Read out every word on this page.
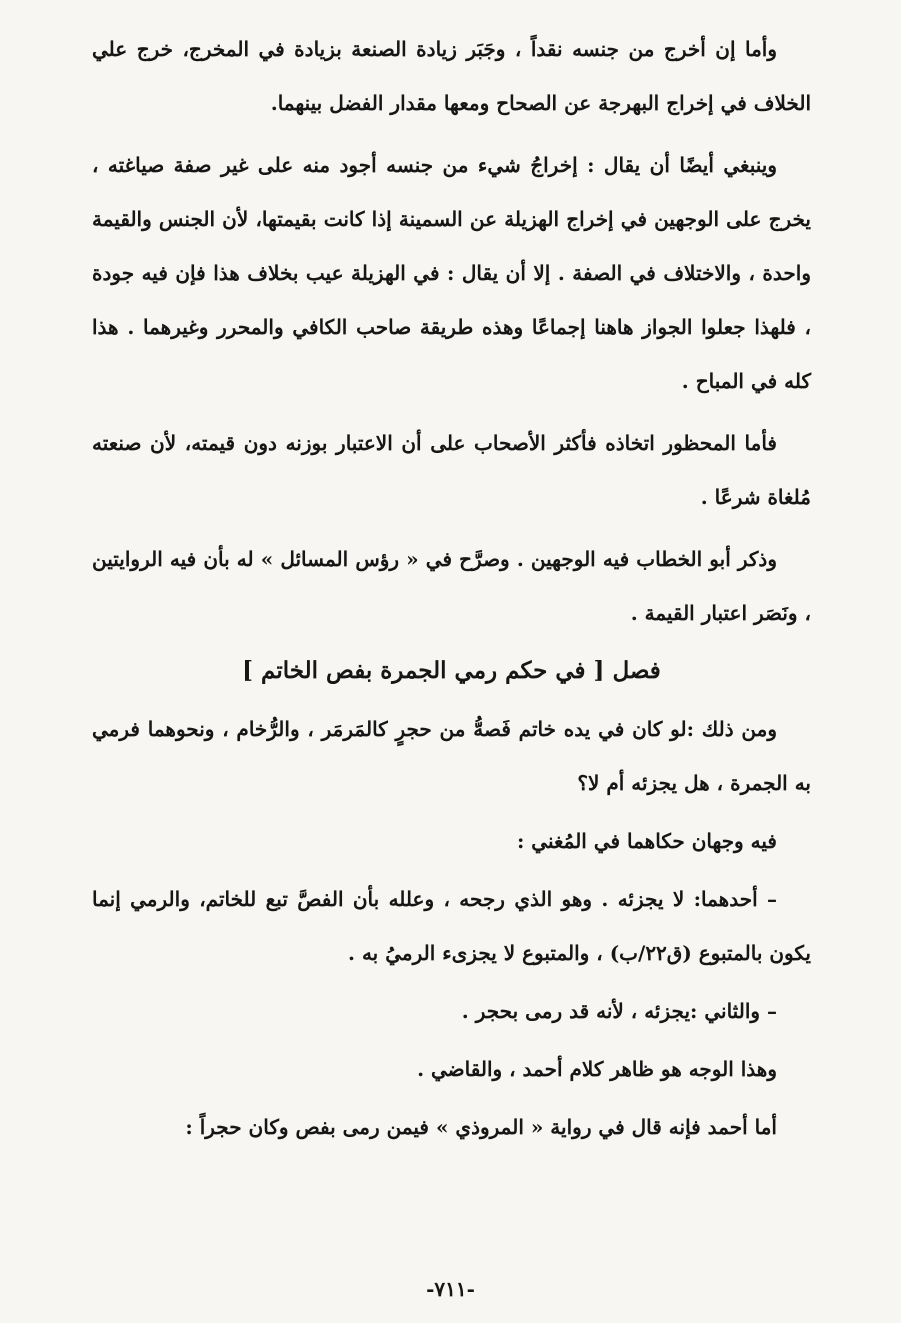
وأما إن أخرج من جنسه نقداً ، وجَبَر زيادة الصنعة بزيادة في المخرج، خرج علي الخلاف في إخراج البهرجة عن الصحاح ومعها مقدار الفضل بينهما.

وينبغي أيضًا أن يقال : إخراجُ شيء من جنسه أجود منه على غير صفة صياغته ، يخرج على الوجهين في إخراج الهزيلة عن السمينة إذا كانت بقيمتها، لأن الجنس والقيمة واحدة ، والاختلاف في الصفة . إلا أن يقال : في الهزيلة عيب بخلاف هذا فإن فيه جودة ، فلهذا جعلوا الجواز هاهنا إجماعًا وهذه طريقة صاحب الكافي والمحرر وغيرهما . هذا كله في المباح .

فأما المحظور اتخاذه فأكثر الأصحاب على أن الاعتبار بوزنه دون قيمته، لأن صنعته مُلغاة شرعًا .

وذكر أبو الخطاب فيه الوجهين . وصرَّح في « رؤس المسائل » له بأن فيه الروايتين ، ونَصَر اعتبار القيمة .

فصل [ في حكم رمي الجمرة بفص الخاتم ]

ومن ذلك :لو كان في يده خاتم فَصهُّ من حجرٍ كالمَرمَر ، والرُّخام ، ونحوهما فرمي به الجمرة ، هل يجزئه أم لا؟

فيه وجهان حكاهما في المُغني :

– أحدهما: لا يجزئه . وهو الذي رجحه ، وعلله بأن الفصَّ تبع للخاتم، والرمي إنما يكون بالمتبوع (ق٢٢/ب) ، والمتبوع لا يجزىء الرميُ به .

– والثاني :يجزئه ، لأنه قد رمى بحجر .

وهذا الوجه هو ظاهر كلام أحمد ، والقاضي .

أما أحمد فإنه قال في رواية « المروذي » فيمن رمى بفص وكان حجراً :

-٧١١-
